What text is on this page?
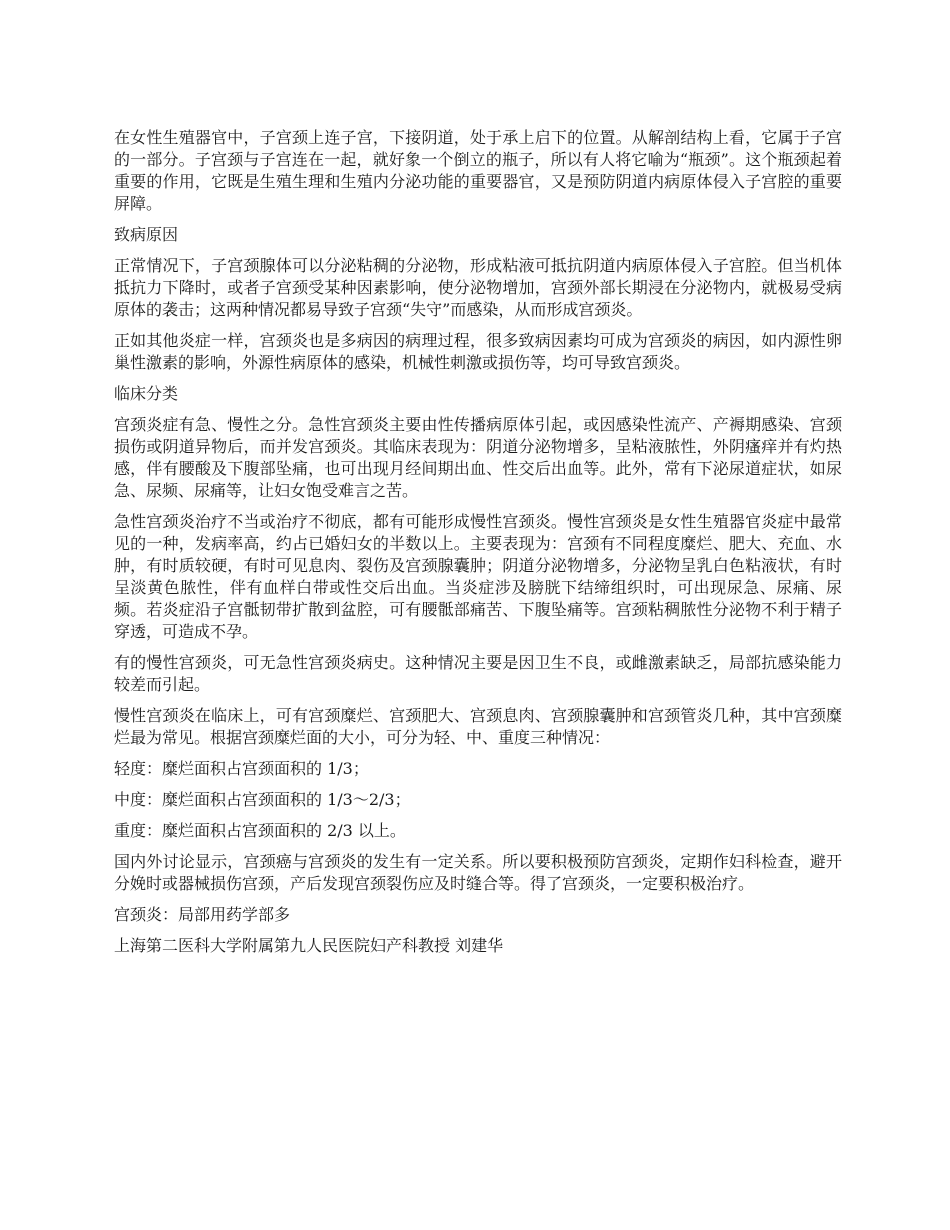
在女性生殖器官中，子宫颈上连子宫，下接阴道，处于承上启下的位置。从解剖结构上看，它属于子宫的一部分。子宫颈与子宫连在一起，就好象一个倒立的瓶子，所以有人将它喻为“瓶颈”。这个瓶颈起着重要的作用，它既是生殖生理和生殖内分泌功能的重要器官，又是预防阴道内病原体侵入子宫腔的重要屏障。

致病原因

正常情况下，子宫颈腺体可以分泌粘稠的分泌物，形成粘液可抵抗阴道内病原体侵入子宫腔。但当机体抵抗力下降时，或者子宫颈受某种因素影响，使分泌物增加，宫颈外部长期浸在分泌物内，就极易受病原体的袭击；这两种情况都易导致子宫颈“失守”而感染，从而形成宫颈炎。

正如其他炎症一样，宫颈炎也是多病因的病理过程，很多致病因素均可成为宫颈炎的病因，如内源性卵巢性激素的影响，外源性病原体的感染，机械性刺激或损伤等，均可导致宫颈炎。

临床分类

宫颈炎症有急、慢性之分。急性宫颈炎主要由性传播病原体引起，或因感染性流产、产褥期感染、宫颈损伤或阴道异物后，而并发宫颈炎。其临床表现为：阴道分泌物增多，呈粘液脓性，外阴瘙痒并有灼热感，伴有腰酸及下腹部坠痛，也可出现月经间期出血、性交后出血等。此外，常有下泌尿道症状，如尿急、尿频、尿痛等，让妇女饱受难言之苦。

急性宫颈炎治疗不当或治疗不彻底，都有可能形成慢性宫颈炎。慢性宫颈炎是女性生殖器官炎症中最常见的一种，发病率高，约占已婚妇女的半数以上。主要表现为：宫颈有不同程度糜烂、肥大、充血、水肿，有时质较硬，有时可见息肉、裂伤及宫颈腺囊肿；阴道分泌物增多，分泌物呈乳白色粘液状，有时呈淡黄色脓性，伴有血样白带或性交后出血。当炎症涉及膀胱下结缔组织时，可出现尿急、尿痛、尿频。若炎症沿子宫骶韧带扩散到盆腔，可有腰骶部痛苦、下腹坠痛等。宫颈粘稠脓性分泌物不利于精子穿透，可造成不孕。

有的慢性宫颈炎，可无急性宫颈炎病史。这种情况主要是因卫生不良，或雌激素缺乏，局部抗感染能力较差而引起。

慢性宫颈炎在临床上，可有宫颈糜烂、宫颈肥大、宫颈息肉、宫颈腺囊肿和宫颈管炎几种，其中宫颈糜烂最为常见。根据宫颈糜烂面的大小，可分为轻、中、重度三种情况：

轻度：糜烂面积占宫颈面积的 1/3；

中度：糜烂面积占宫颈面积的 1/3～2/3；

重度：糜烂面积占宫颈面积的 2/3 以上。

国内外讨论显示，宫颈癌与宫颈炎的发生有一定关系。所以要积极预防宫颈炎，定期作妇科检查，避开分娩时或器械损伤宫颈，产后发现宫颈裂伤应及时缝合等。得了宫颈炎，一定要积极治疗。

宫颈炎：局部用药学部多

上海第二医科大学附属第九人民医院妇产科教授 刘建华
